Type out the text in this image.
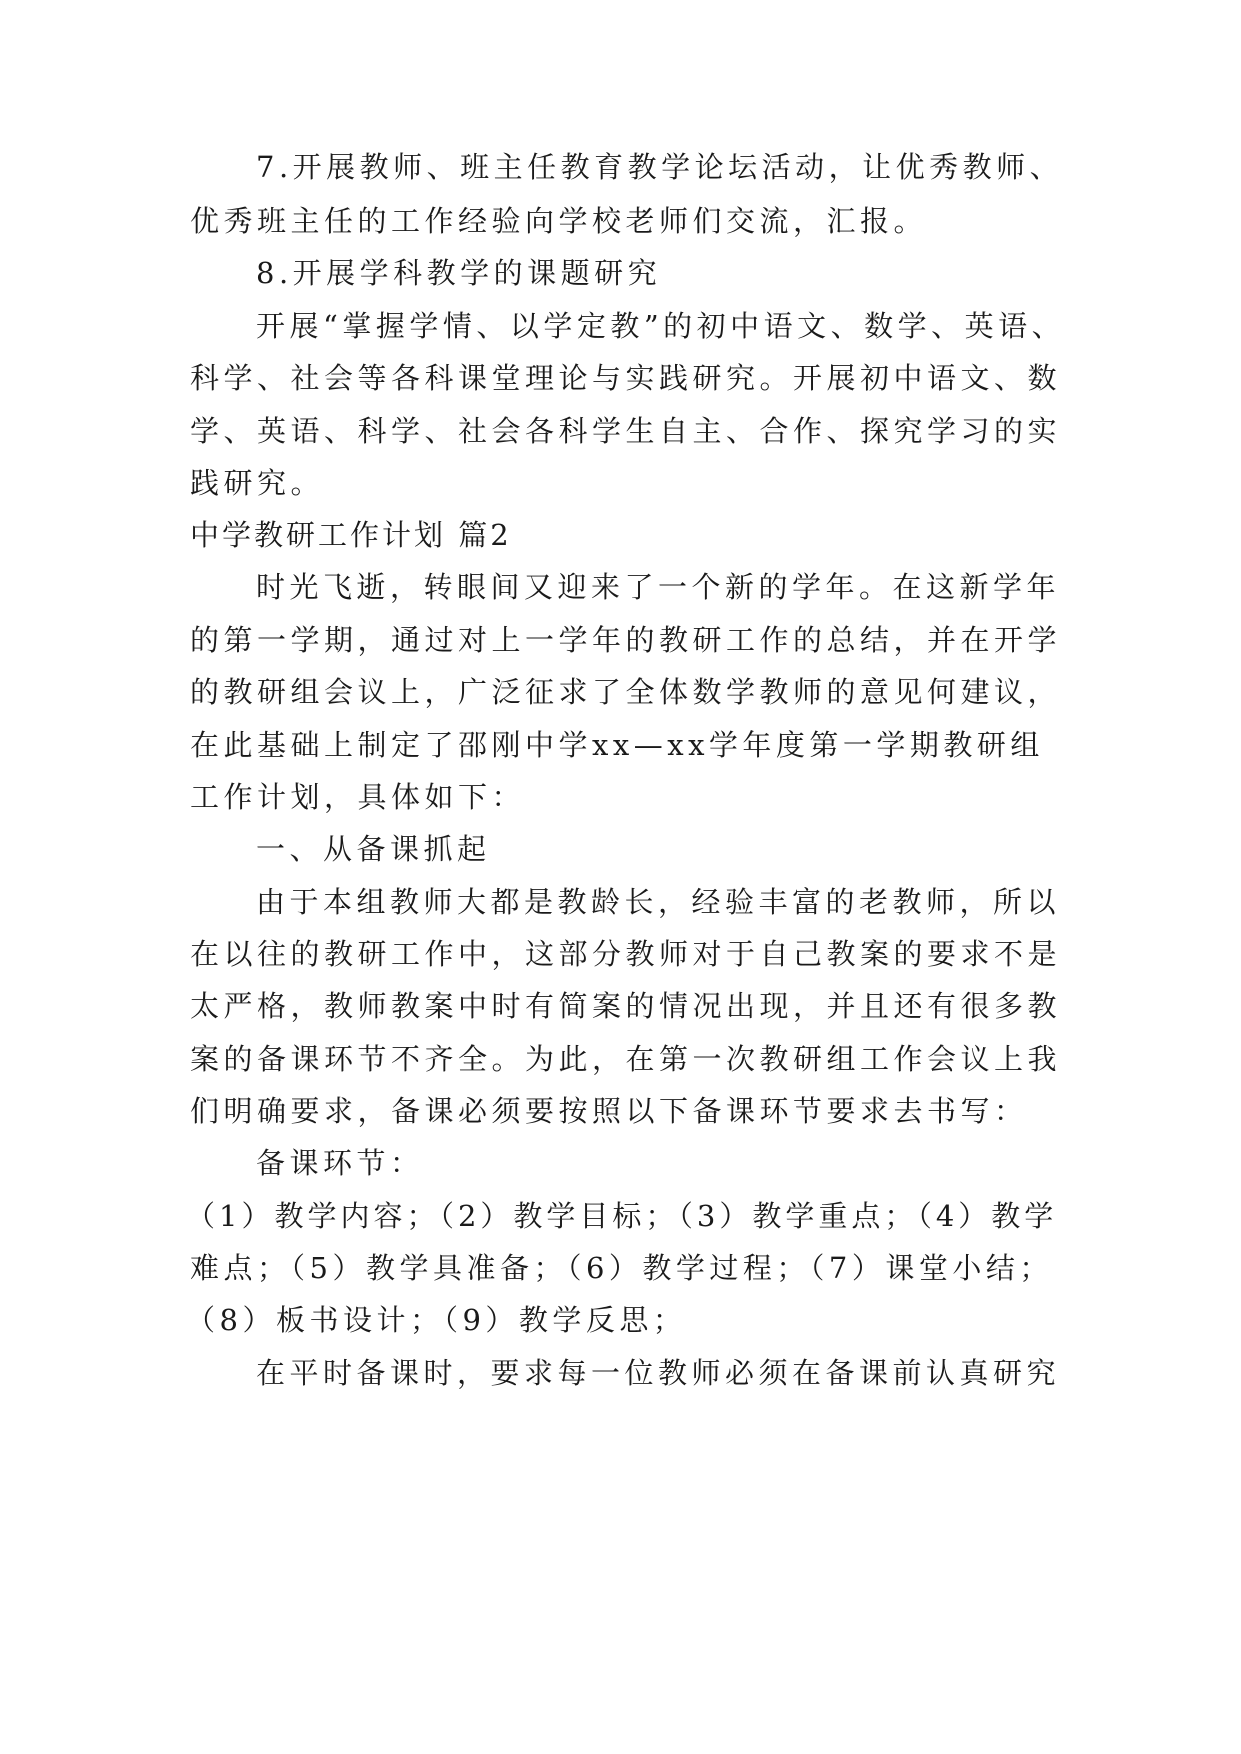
7.开展教师、班主任教育教学论坛活动，让优秀教师、
优秀班主任的工作经验向学校老师们交流，汇报。
8.开展学科教学的课题研究
开展“掌握学情、以学定教”的初中语文、数学、英语、
科学、社会等各科课堂理论与实践研究。开展初中语文、数
学、英语、科学、社会各科学生自主、合作、探究学习的实
践研究。
中学教研工作计划 篇2
时光飞逝，转眼间又迎来了一个新的学年。在这新学年
的第一学期，通过对上一学年的教研工作的总结，并在开学
的教研组会议上，广泛征求了全体数学教师的意见何建议，
在此基础上制定了邵刚中学xx—xx学年度第一学期教研组
工作计划，具体如下：
一、从备课抓起
由于本组教师大都是教龄长，经验丰富的老教师，所以
在以往的教研工作中，这部分教师对于自己教案的要求不是
太严格，教师教案中时有简案的情况出现，并且还有很多教
案的备课环节不齐全。为此，在第一次教研组工作会议上我
们明确要求，备课必须要按照以下备课环节要求去书写：
备课环节：
（1）教学内容；（2）教学目标；（3）教学重点；（4）教学
难点；（5）教学具准备；（6）教学过程；（7）课堂小结；
（8）板书设计；（9）教学反思；
在平时备课时，要求每一位教师必须在备课前认真研究
